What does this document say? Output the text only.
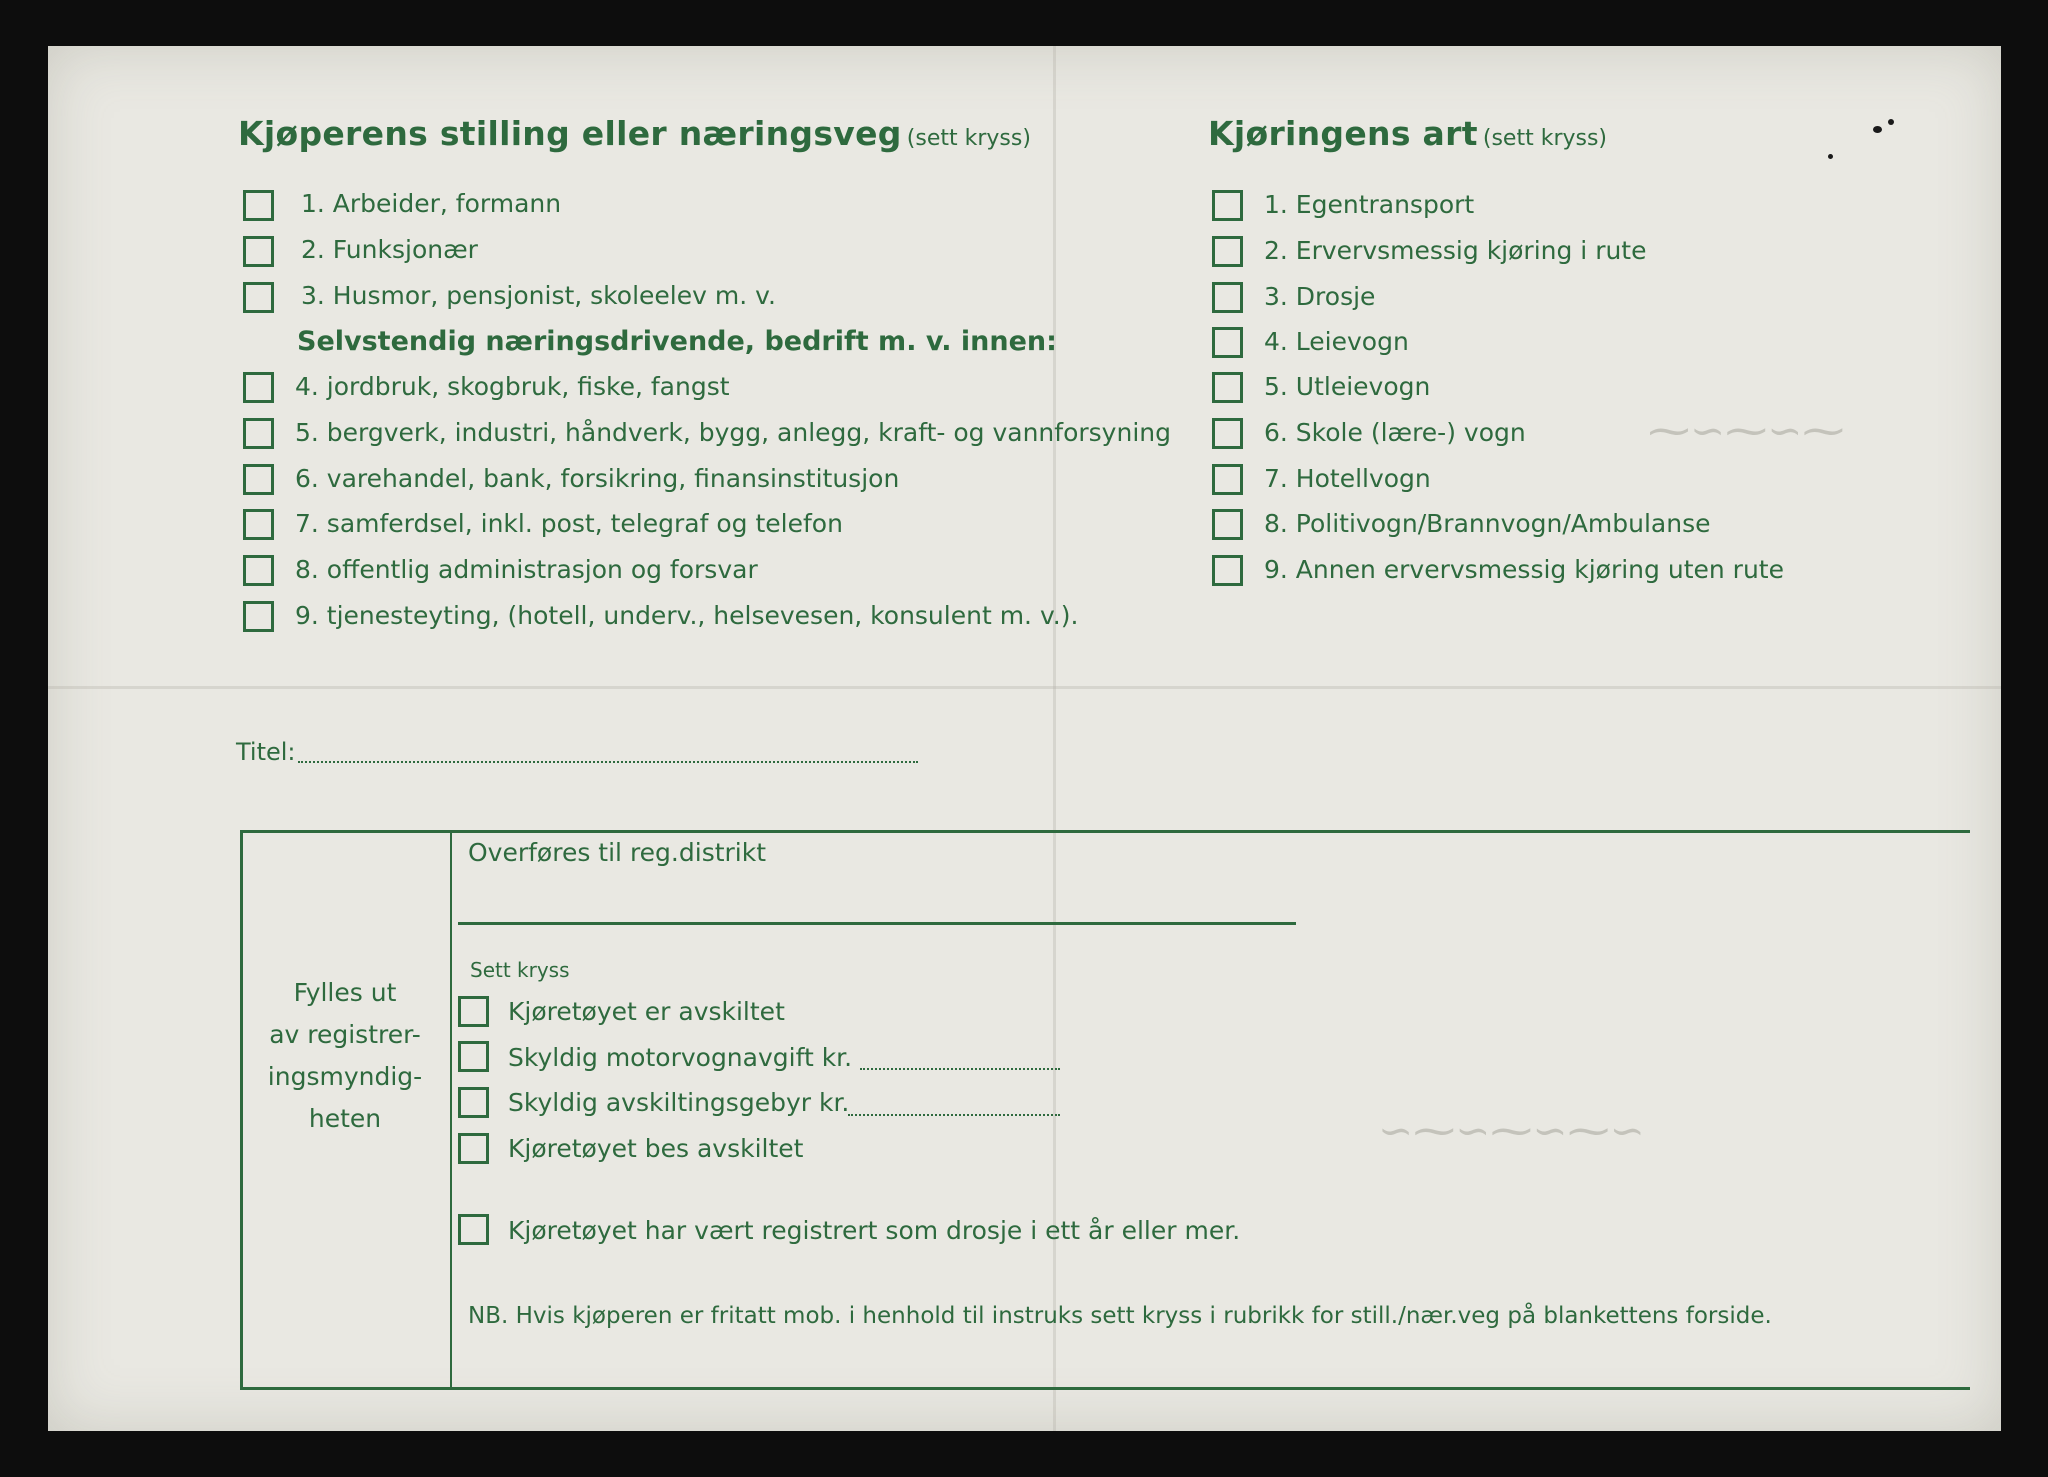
⁓∽⁓∽⁓
∽⁓∽⁓∽⁓∽
Kjøperens stilling eller næringsveg (sett kryss)
1. Arbeider, formann
2. Funksjonær
3. Husmor, pensjonist, skoleelev m. v.
Selvstendig næringsdrivende, bedrift m. v. innen:
4. jordbruk, skogbruk, fiske, fangst
5. bergverk, industri, håndverk, bygg, anlegg, kraft- og vannforsyning
6. varehandel, bank, forsikring, finansinstitusjon
7. samferdsel, inkl. post, telegraf og telefon
8. offentlig administrasjon og forsvar
9. tjenesteyting, (hotell, underv., helsevesen, konsulent m. v.).
Kjøringens art (sett kryss)
1. Egentransport
2. Ervervsmessig kjøring i rute
3. Drosje
4. Leievogn
5. Utleievogn
6. Skole (lære-) vogn
7. Hotellvogn
8. Politivogn/Brannvogn/Ambulanse
9. Annen ervervsmessig kjøring uten rute
Titel:
Fylles ut
av registrer-
ingsmyndig-
heten
Overføres til reg.distrikt
Sett kryss
Kjøretøyet er avskiltet
Skyldig motorvognavgift kr.
Skyldig avskiltingsgebyr kr.
Kjøretøyet bes avskiltet
Kjøretøyet har vært registrert som drosje i ett år eller mer.
NB. Hvis kjøperen er fritatt mob. i henhold til instruks sett kryss i rubrikk for still./nær.veg på blankettens forside.
